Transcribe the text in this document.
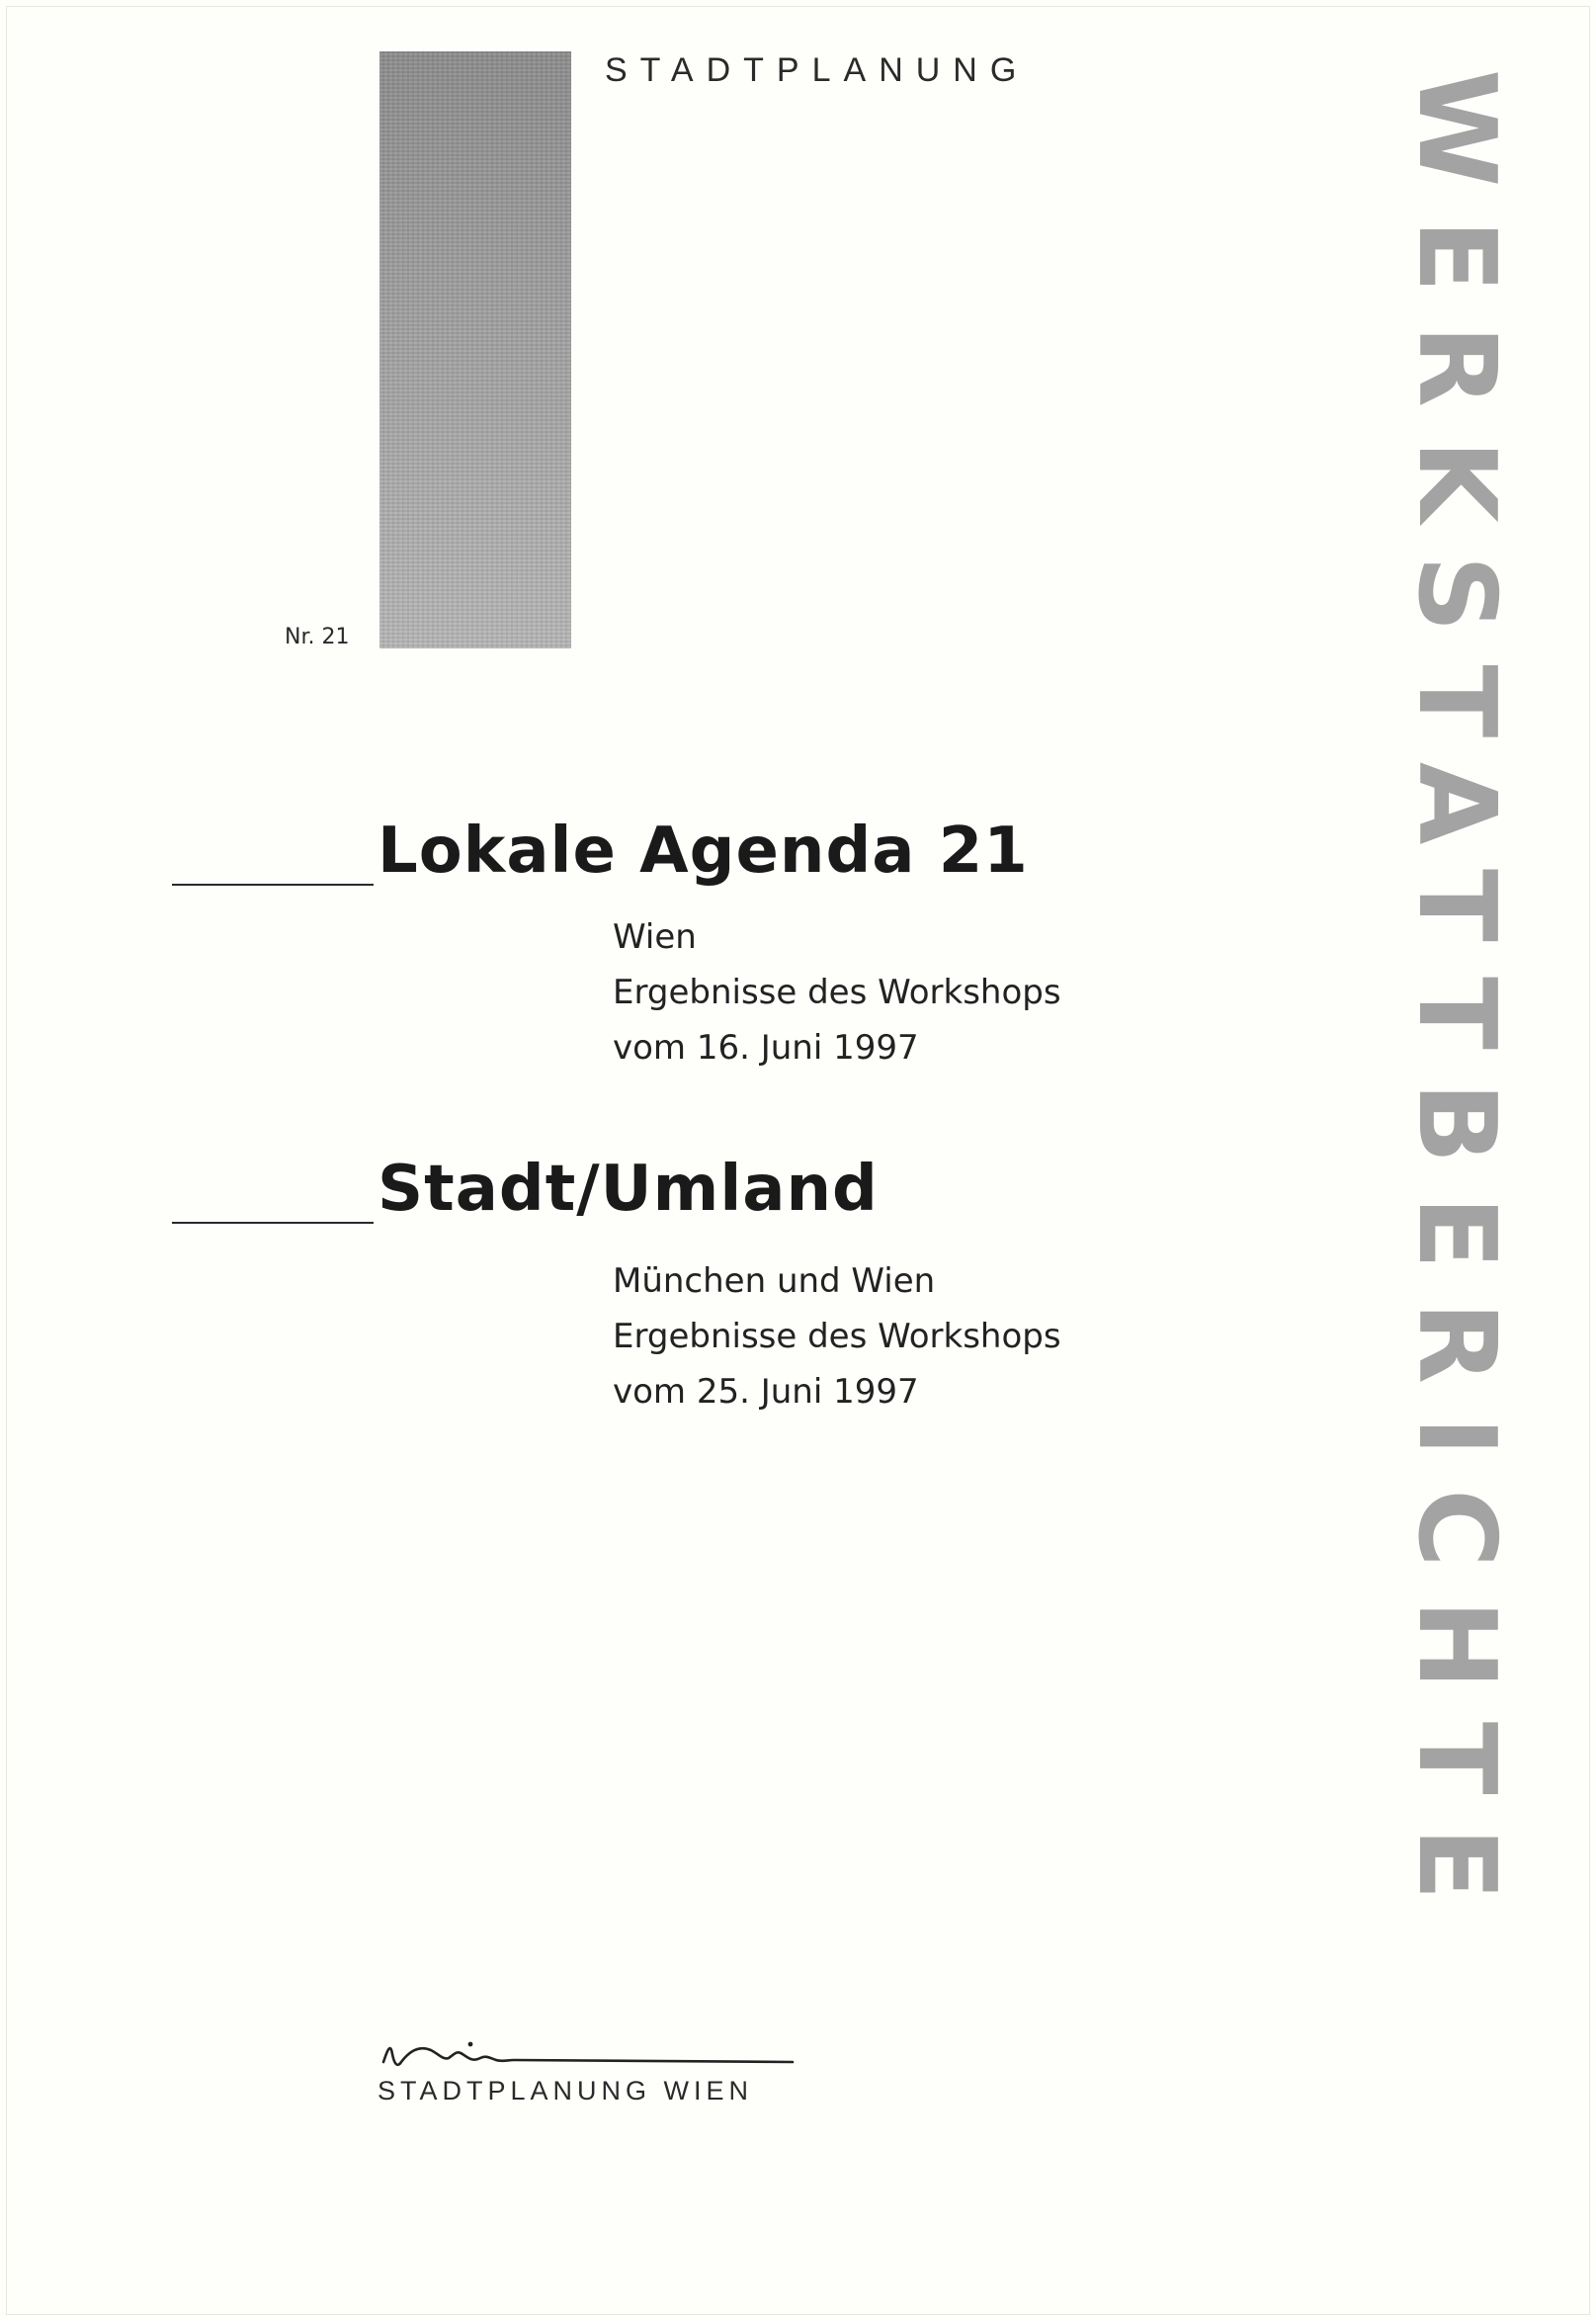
STADTPLANUNG
Nr. 21
Lokale Agenda 21
Wien
Ergebnisse des Workshops
vom 16. Juni 1997
Stadt/Umland
München und Wien
Ergebnisse des Workshops
vom 25. Juni 1997	WERKSTATTBERICHTE
STADTPLANUNG WIEN
